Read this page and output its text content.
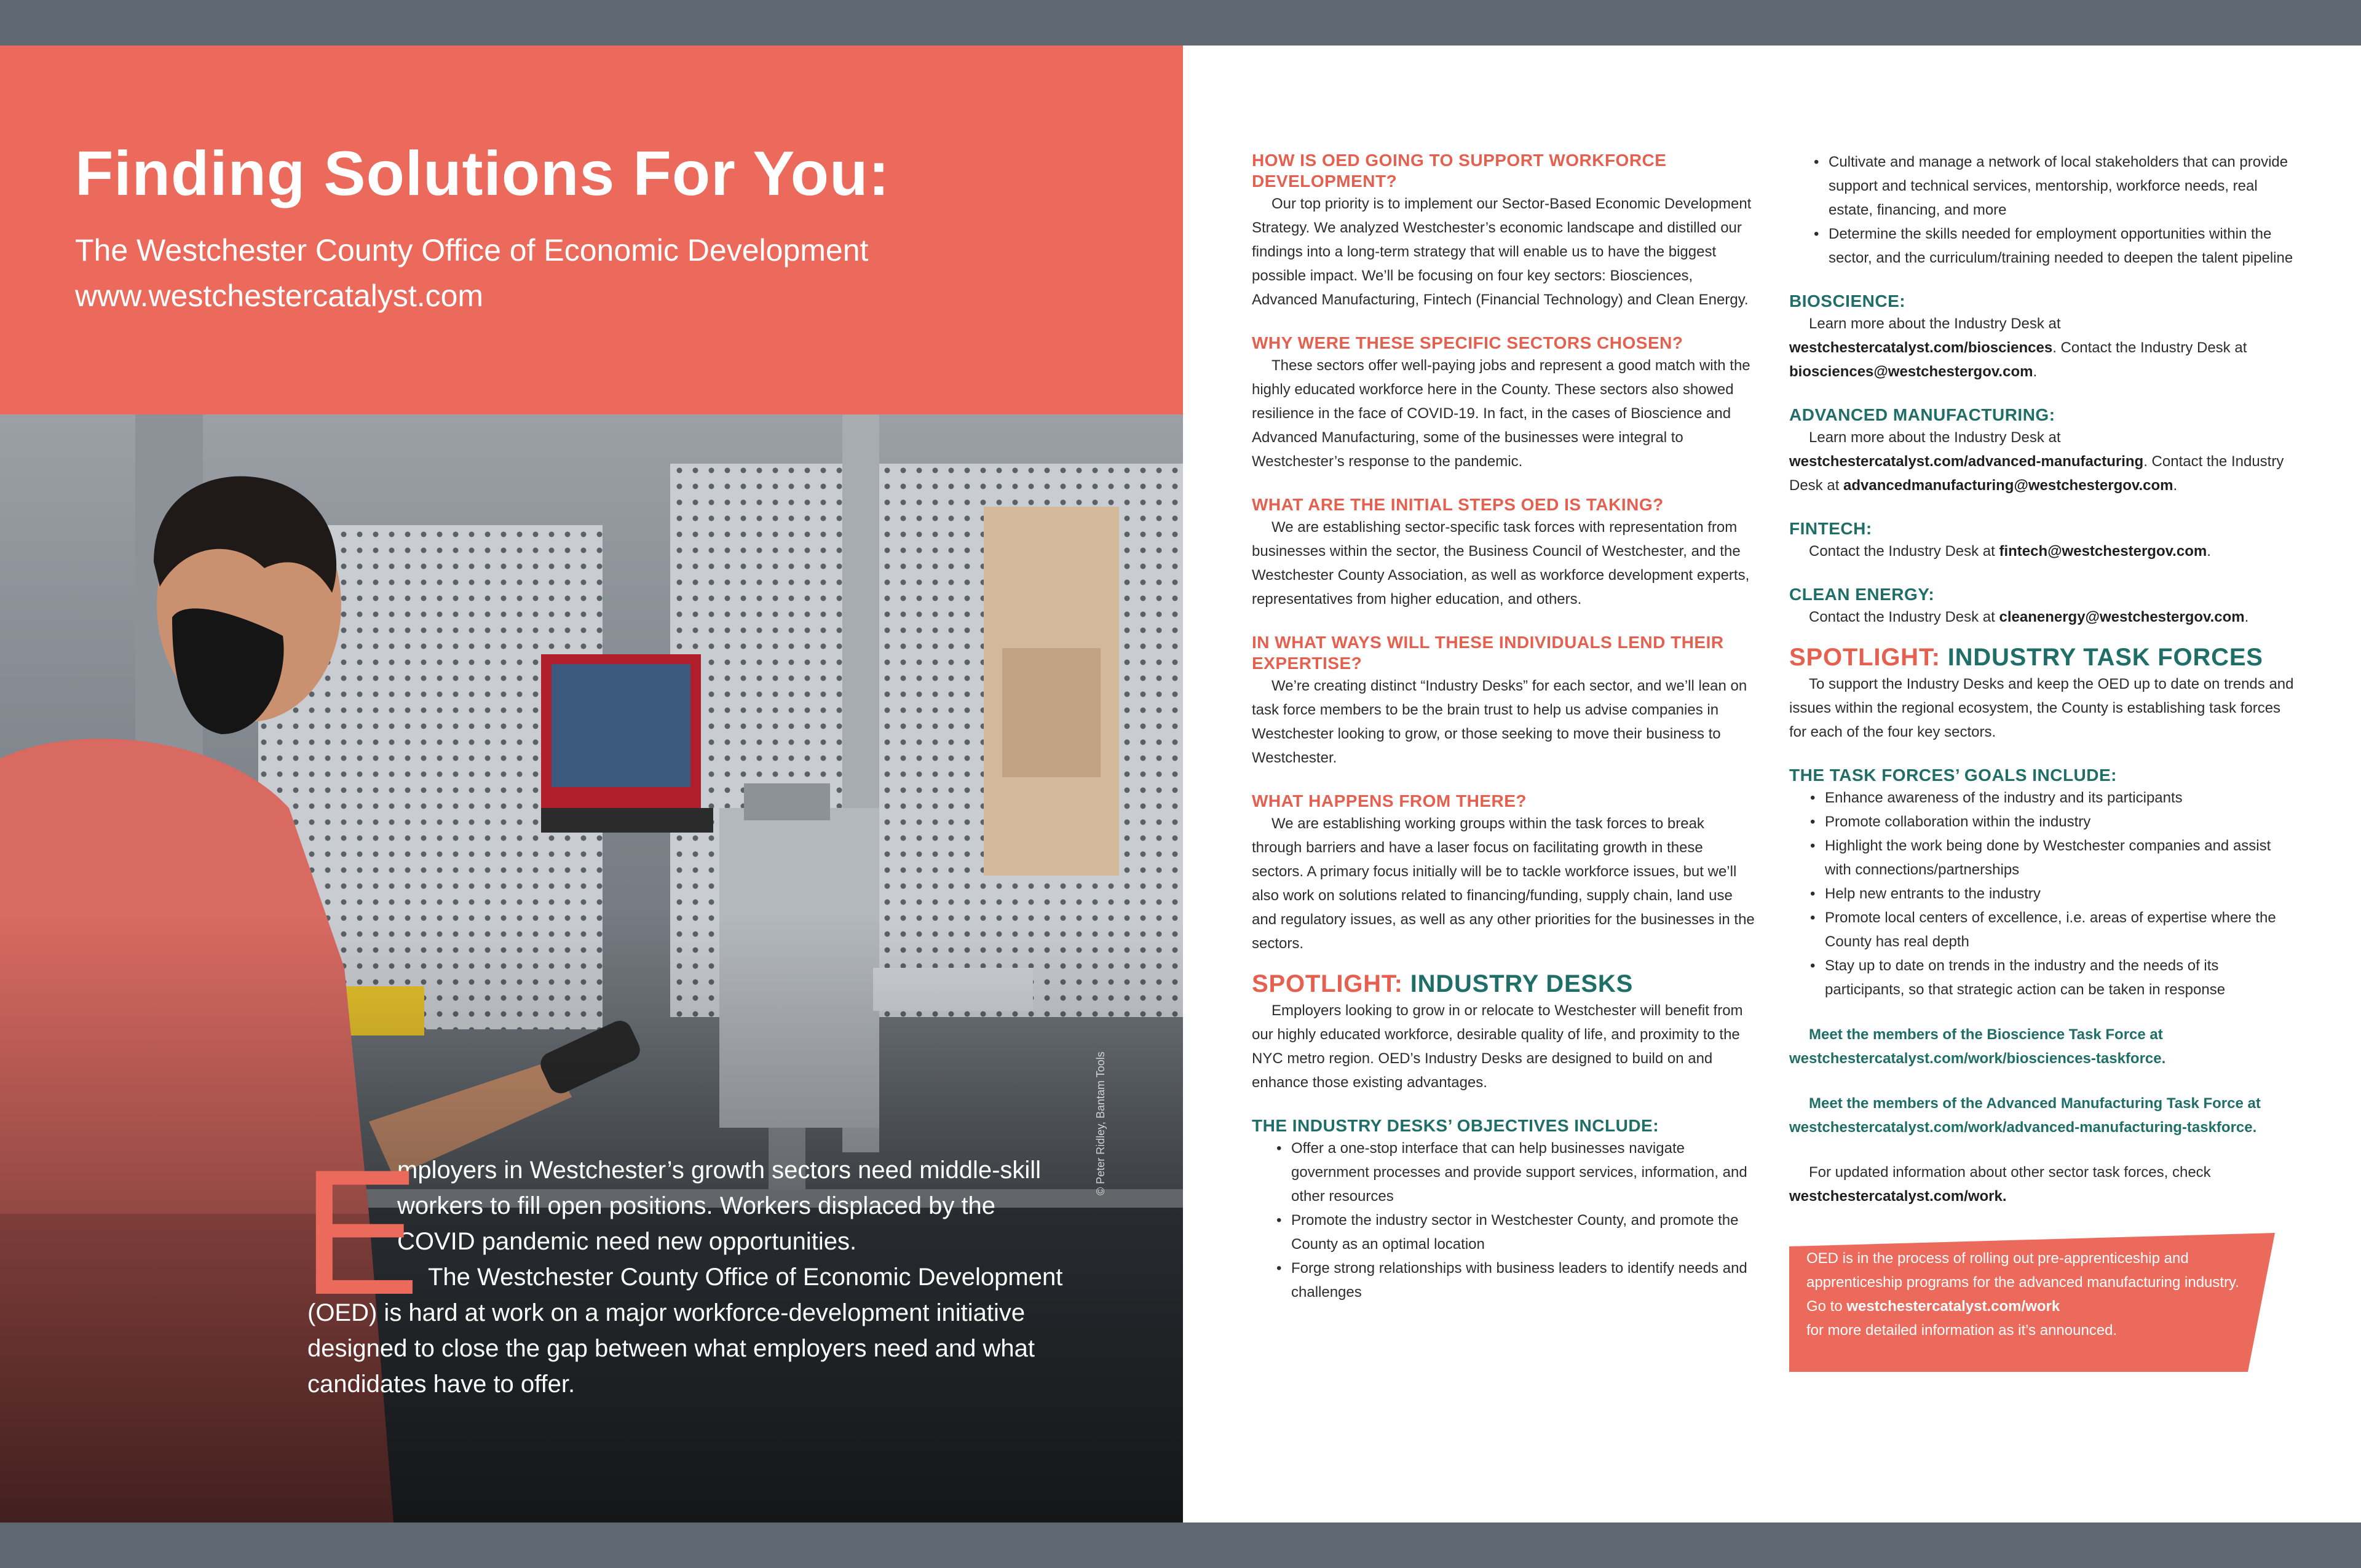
Finding Solutions For You:
The Westchester County Office of Economic Development
www.westchestercatalyst.com
© Peter Ridley, Bantam Tools
E

mployers in Westchester’s growth sectors need middle-skill

workers to fill open positions. Workers displaced by the

COVID pandemic need new opportunities.

The Westchester County Office of Economic Development

(OED) is hard at work on a major workforce-development initiative designed to close the gap between what employers need and what candidates have to offer.

HOW IS OED GOING TO SUPPORT WORKFORCE DEVELOPMENT?

Our top priority is to implement our Sector-Based Economic Development Strategy. We analyzed Westchester’s economic landscape and distilled our findings into a long-term strategy that will enable us to have the biggest possible impact. We’ll be focusing on four key sectors: Biosciences, Advanced Manufacturing, Fintech (Financial Technology) and Clean Energy.

WHY WERE THESE SPECIFIC SECTORS CHOSEN?

These sectors offer well-paying jobs and represent a good match with the highly educated workforce here in the County. These sectors also showed resilience in the face of COVID-19. In fact, in the cases of Bioscience and Advanced Manufacturing, some of the businesses were integral to Westchester’s response to the pandemic.

WHAT ARE THE INITIAL STEPS OED IS TAKING?

We are establishing sector-specific task forces with representation from businesses within the sector, the Business Council of Westchester, and the Westchester County Association, as well as workforce development experts, representatives from higher education, and others.

IN WHAT WAYS WILL THESE INDIVIDUALS LEND THEIR EXPERTISE?

We’re creating distinct “Industry Desks” for each sector, and we’ll lean on task force members to be the brain trust to help us advise companies in Westchester looking to grow, or those seeking to move their business to Westchester.

WHAT HAPPENS FROM THERE?

We are establishing working groups within the task forces to break through barriers and have a laser focus on facilitating growth in these sectors. A primary focus initially will be to tackle workforce issues, but we’ll also work on solutions related to financing/funding, supply chain, land use and regulatory issues, as well as any other priorities for the businesses in the sectors.

SPOTLIGHT: INDUSTRY DESKS

Employers looking to grow in or relocate to Westchester will benefit from our highly educated workforce, desirable quality of life, and proximity to the NYC metro region. OED’s Industry Desks are designed to build on and enhance those existing advantages.

THE INDUSTRY DESKS’ OBJECTIVES INCLUDE:
• Offer a one-stop interface that can help businesses navigate government processes and provide support services, information, and other resources
• Promote the industry sector in Westchester County, and promote the County as an optimal location
• Forge strong relationships with business leaders to identify needs and challenges
• Cultivate and manage a network of local stakeholders that can provide support and technical services, mentorship, workforce needs, real estate, financing, and more
• Determine the skills needed for employment opportunities within the sector, and the curriculum/training needed to deepen the talent pipeline
BIOSCIENCE:

Learn more about the Industry Desk at
westchestercatalyst.com/biosciences. Contact the Industry Desk at
biosciences@westchestergov.com.

ADVANCED MANUFACTURING:

Learn more about the Industry Desk at
westchestercatalyst.com/advanced-manufacturing. Contact the Industry Desk at advancedmanufacturing@westchestergov.com.

FINTECH:

Contact the Industry Desk at fintech@westchestergov.com.

CLEAN ENERGY:

Contact the Industry Desk at cleanenergy@westchestergov.com.

SPOTLIGHT: INDUSTRY TASK FORCES

To support the Industry Desks and keep the OED up to date on trends and issues within the regional ecosystem, the County is establishing task forces for each of the four key sectors.

THE TASK FORCES’ GOALS INCLUDE:
• Enhance awareness of the industry and its participants
• Promote collaboration within the industry
• Highlight the work being done by Westchester companies and assist with connections/partnerships
• Help new entrants to the industry
• Promote local centers of excellence, i.e. areas of expertise where the County has real depth
• Stay up to date on trends in the industry and the needs of its participants, so that strategic action can be taken in response

Meet the members of the Bioscience Task Force at
westchestercatalyst.com/work/biosciences-taskforce.

Meet the members of the Advanced Manufacturing Task Force at
westchestercatalyst.com/work/advanced-manufacturing-taskforce.

For updated information about other sector task forces, check
westchestercatalyst.com/work.

OED is in the process of rolling out pre-apprenticeship and apprenticeship programs for the advanced manufacturing industry. Go to westchestercatalyst.com/work
for more detailed information as it’s announced.
